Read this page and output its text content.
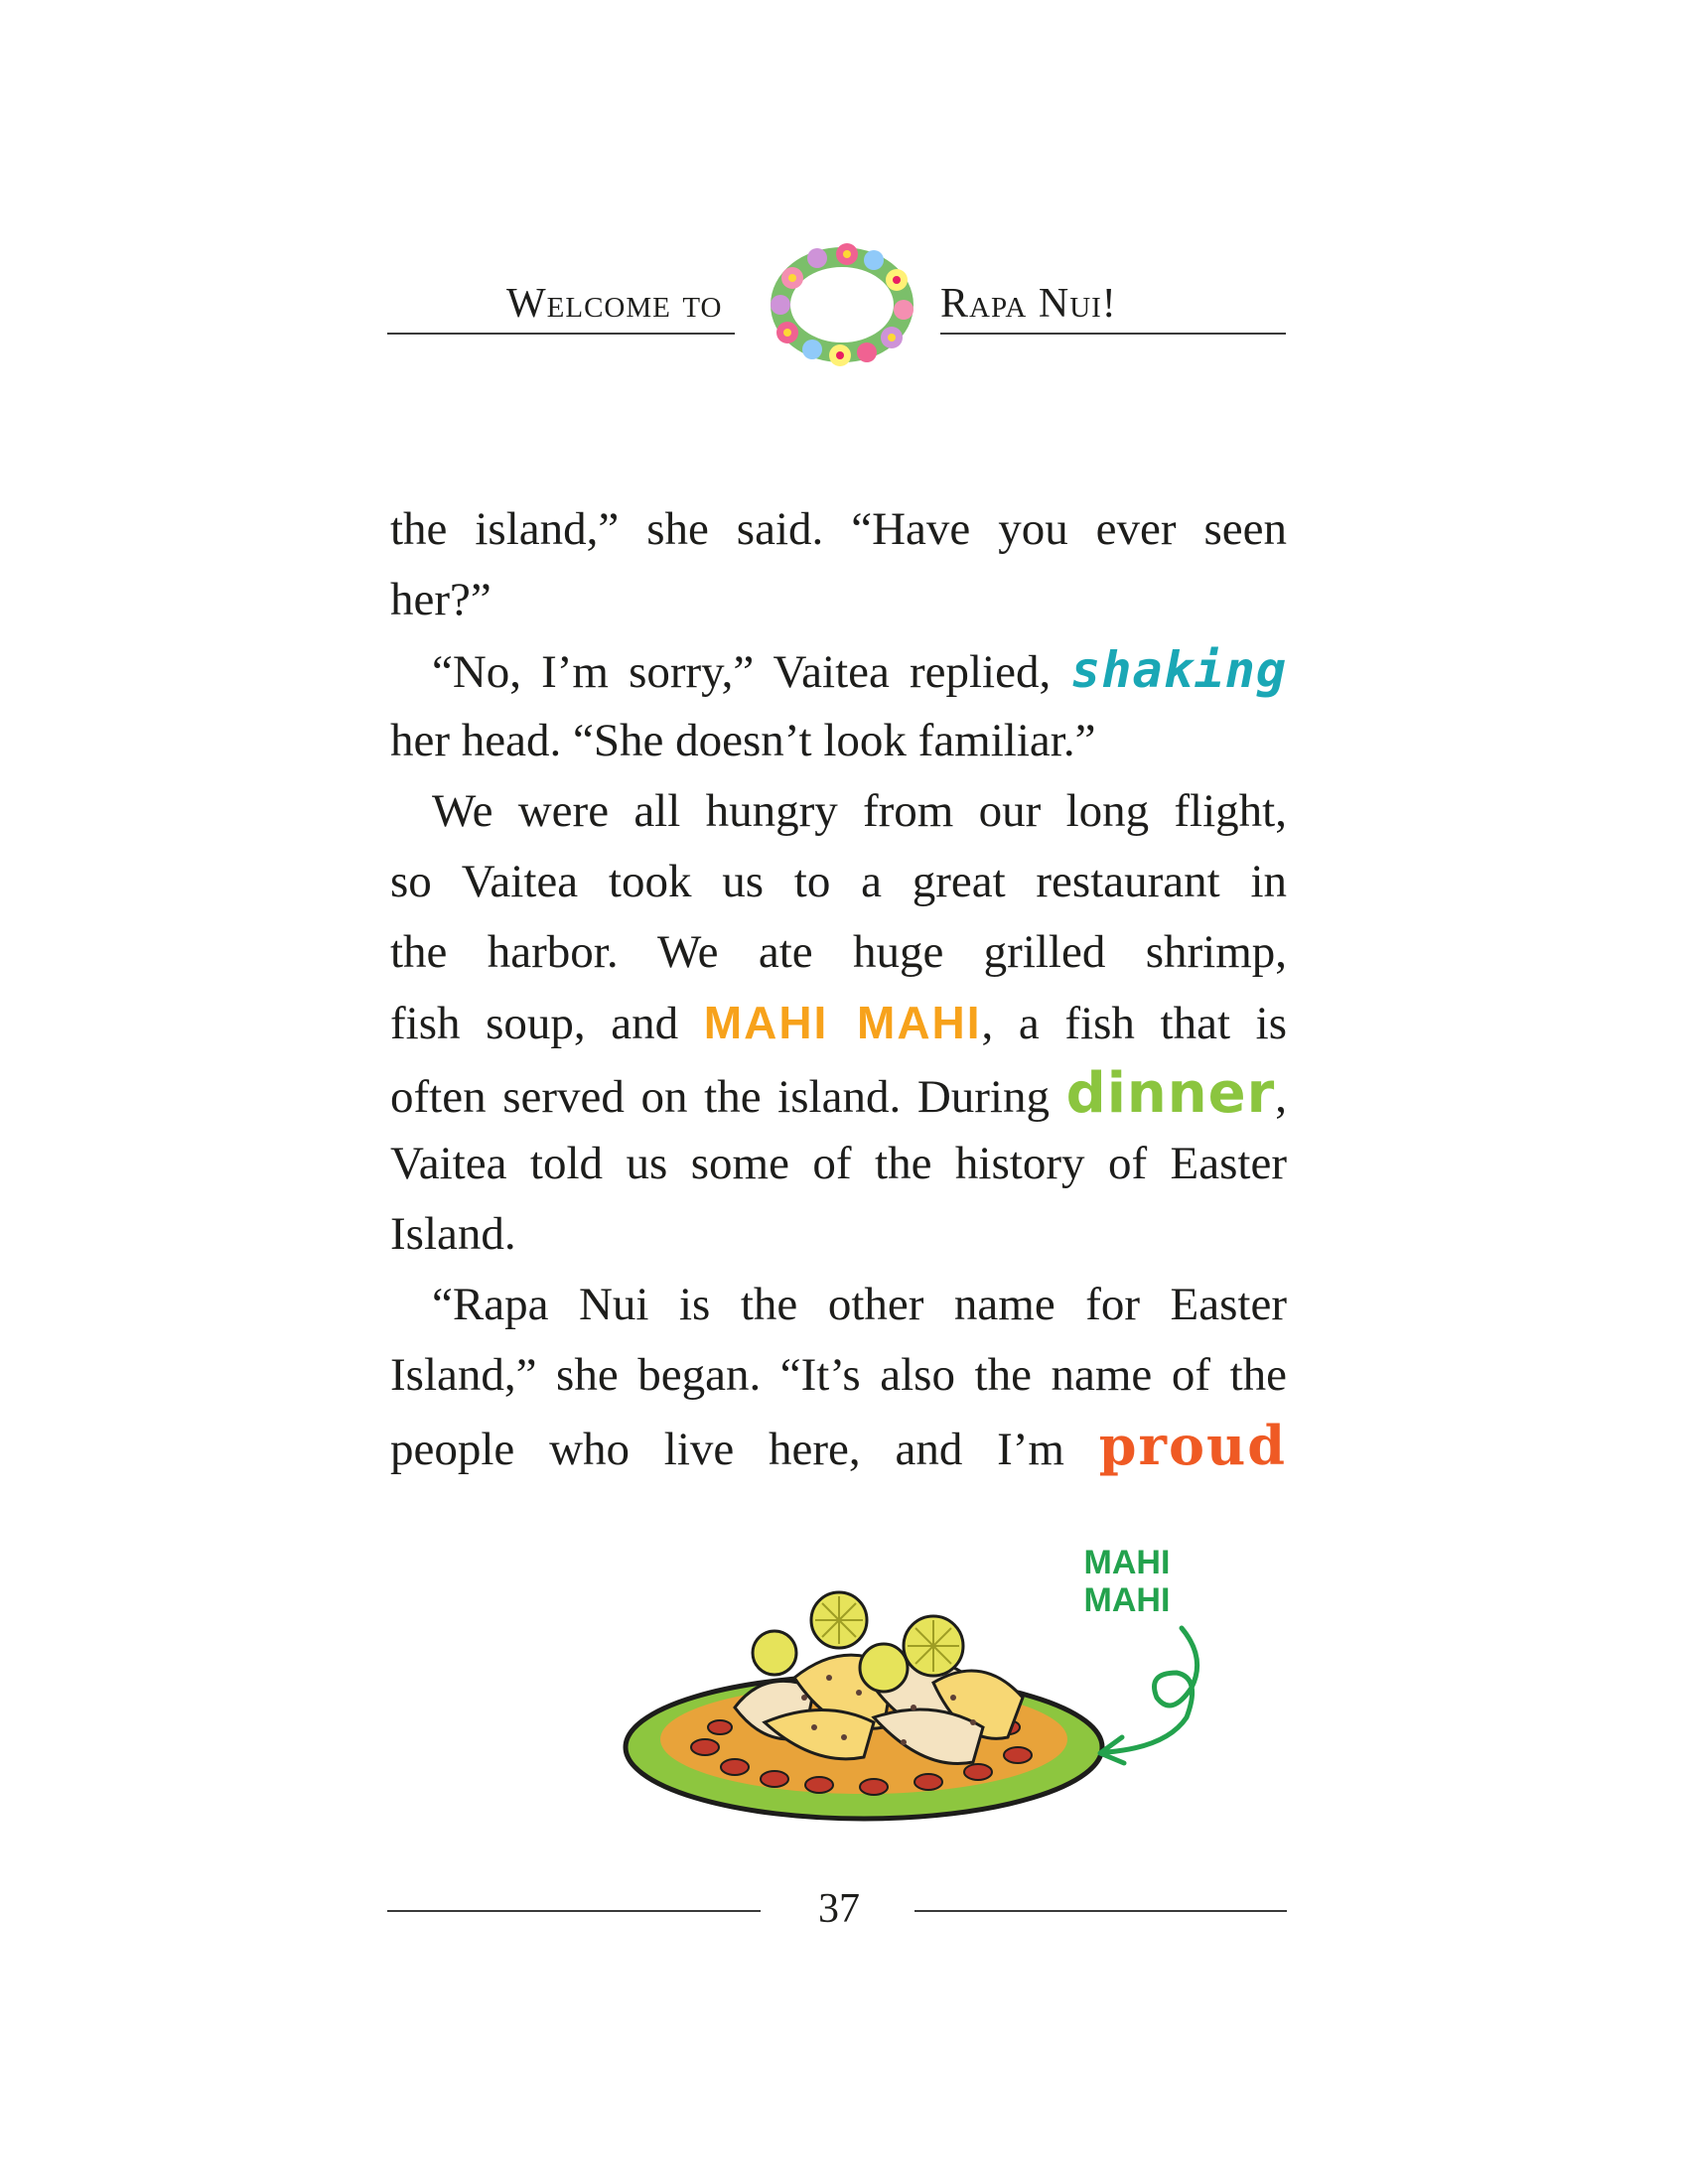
Welcome to	Rapa Nui!
the island,” she said. “Have you ever seen
her?”
“No, I’m sorry,” Vaitea replied, shaking
her head. “She doesn’t look familiar.”
We were all hungry from our long flight,
so Vaitea took us to a great restaurant in
the harbor. We ate huge grilled shrimp,
fish soup, and MAHI MAHI, a fish that is
often served on the island. During dinner,
Vaitea told us some of the history of Easter
Island.
“Rapa Nui is the other name for Easter
Island,” she began. “It’s also the name of the
people who live here, and I’m proud
MAHI
MAHI
37
